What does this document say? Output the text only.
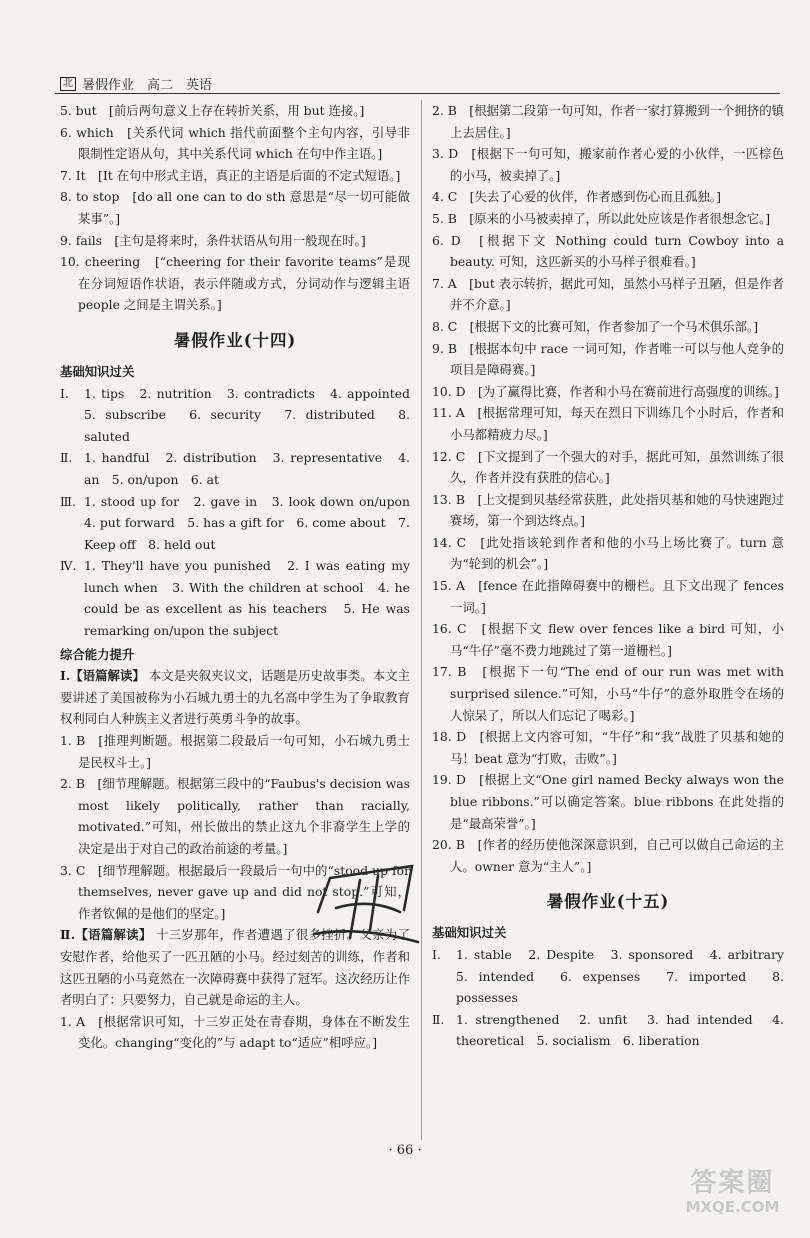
北 暑假作业　高二　英语
5. but　[前后两句意义上存在转折关系，用 but 连接。]
6. which　[关系代词 which 指代前面整个主句内容，引导非限制性定语从句，其中关系代词 which 在句中作主语。]
7. It　[It 在句中形式主语，真正的主语是后面的不定式短语。]
8. to stop　[do all one can to do sth 意思是“尽一切可能做某事”。]
9. fails　[主句是将来时，条件状语从句用一般现在时。]
10. cheering　[“cheering for their favorite teams”是现在分词短语作状语，表示伴随或方式，分词动作与逻辑主语 people 之间是主谓关系。]
暑假作业(十四)
基础知识过关
Ⅰ.	1. tips　2. nutrition　3. contradicts　4. appointed　5. subscribe　6. security　7. distributed　8. saluted
Ⅱ. 1. handful　2. distribution　3. representative　4. an　5. on/upon　6. at
Ⅲ. 1. stood up for　2. gave in　3. look down on/upon　4. put forward　5. has a gift for　6. come about　7. Keep off　8. held out
Ⅳ. 1. They'll have you punished　2. I was eating my lunch when　3. With the children at school　4. he could be as excellent as his teachers　5. He was remarking on/upon the subject
综合能力提升
Ⅰ.【语篇解读】 本文是夹叙夹议文，话题是历史故事类。本文主要讲述了美国被称为小石城九勇士的九名高中学生为了争取教育权利同白人种族主义者进行英勇斗争的故事。
1. B　[推理判断题。根据第二段最后一句可知，小石城九勇士是民权斗士。]
2. B　[细节理解题。根据第三段中的“Faubus's decision was most likely politically, rather than racially, motivated.”可知，州长做出的禁止这九个非裔学生上学的决定是出于对自己的政治前途的考量。]
3. C　[细节理解题。根据最后一段最后一句中的“stood up for themselves, never gave up and did not stop.”可知，作者钦佩的是他们的坚定。]
Ⅱ.【语篇解读】 十三岁那年，作者遭遇了很多挫折。父亲为了安慰作者，给他买了一匹丑陋的小马。经过刻苦的训练，作者和这匹丑陋的小马竟然在一次障碍赛中获得了冠军。这次经历让作者明白了：只要努力，自己就是命运的主人。
1. A　[根据常识可知，十三岁正处在青春期，身体在不断发生变化。changing“变化的”与 adapt to“适应”相呼应。]
2. B　[根据第二段第一句可知，作者一家打算搬到一个拥挤的镇上去居住。]
3. D　[根据下一句可知，搬家前作者心爱的小伙伴，一匹棕色的小马，被卖掉了。]
4. C　[失去了心爱的伙伴，作者感到伤心而且孤独。]
5. B　[原来的小马被卖掉了，所以此处应该是作者很想念它。]
6. D　[根据下文 Nothing could turn Cowboy into a beauty. 可知，这匹新买的小马样子很难看。]
7. A　[but 表示转折，据此可知，虽然小马样子丑陋，但是作者并不介意。]
8. C　[根据下文的比赛可知，作者参加了一个马术俱乐部。]
9. B　[根据本句中 race 一词可知，作者唯一可以与他人竞争的项目是障碍赛。]
10. D　[为了赢得比赛，作者和小马在赛前进行高强度的训练。]
11. A　[根据常理可知，每天在烈日下训练几个小时后，作者和小马都精疲力尽。]
12. C　[下文提到了一个强大的对手，据此可知，虽然训练了很久，作者并没有获胜的信心。]
13. B　[上文提到贝基经常获胜，此处指贝基和她的马快速跑过赛场，第一个到达终点。]
14. C　[此处指该轮到作者和他的小马上场比赛了。turn 意为“轮到的机会”。]
15. A　[fence 在此指障碍赛中的栅栏。且下文出现了 fences 一词。]
16. C　[根据下文 flew over fences like a bird 可知，小马“牛仔”毫不费力地跳过了第一道栅栏。]
17. B　[根据下一句“The end of our run was met with surprised silence.”可知，小马“牛仔”的意外取胜令在场的人惊呆了，所以人们忘记了喝彩。]
18. D　[根据上文内容可知，“牛仔”和“我”战胜了贝基和她的马！beat 意为“打败，击败”。]
19. D　[根据上文“One girl named Becky always won the blue ribbons.”可以确定答案。blue ribbons 在此处指的是“最高荣誉”。]
20. B　[作者的经历使他深深意识到，自己可以做自己命运的主人。owner 意为“主人”。]
暑假作业(十五)
基础知识过关
Ⅰ.	1. stable　2. Despite　3. sponsored　4. arbitrary　5. intended　6. expenses　7. imported　8. possesses
Ⅱ. 1. strengthened　2. unfit　3. had intended　4. theoretical　5. socialism　6. liberation
· 66 ·
答案圈
MXQE.COM
